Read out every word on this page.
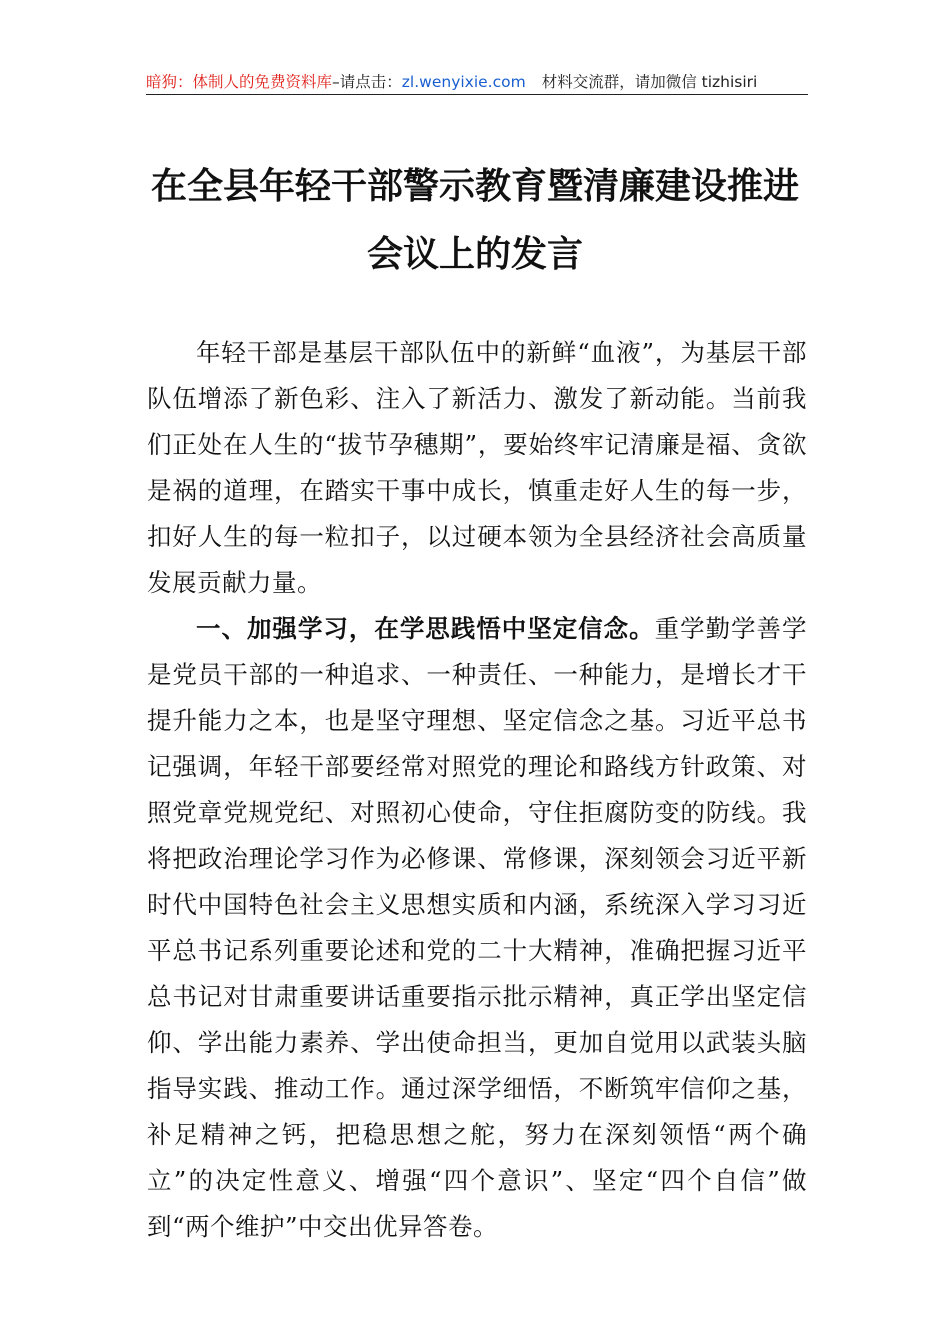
暗狗：体制人的免费资料库–请点击：zl.wenyixie.com 材料交流群，请加微信 tizhisiri
在全县年轻干部警示教育暨清廉建设推进
会议上的发言

年轻干部是基层干部队伍中的新鲜“血液”，为基层干部队伍增添了新色彩、注入了新活力、激发了新动能。当前我们正处在人生的“拔节孕穗期”，要始终牢记清廉是福、贪欲是祸的道理，在踏实干事中成长，慎重走好人生的每一步，扣好人生的每一粒扣子，以过硬本领为全县经济社会高质量发展贡献力量。

一、加强学习，在学思践悟中坚定信念。重学勤学善学是党员干部的一种追求、一种责任、一种能力，是增长才干提升能力之本，也是坚守理想、坚定信念之基。习近平总书记强调，年轻干部要经常对照党的理论和路线方针政策、对照党章党规党纪、对照初心使命，守住拒腐防变的防线。我将把政治理论学习作为必修课、常修课，深刻领会习近平新时代中国特色社会主义思想实质和内涵，系统深入学习习近平总书记系列重要论述和党的二十大精神，准确把握习近平总书记对甘肃重要讲话重要指示批示精神，真正学出坚定信仰、学出能力素养、学出使命担当，更加自觉用以武装头脑指导实践、推动工作。通过深学细悟，不断筑牢信仰之基，补足精神之钙，把稳思想之舵，努力在深刻领悟“两个确立”的决定性意义、增强“四个意识”、坚定“四个自信”做到“两个维护”中交出优异答卷。
